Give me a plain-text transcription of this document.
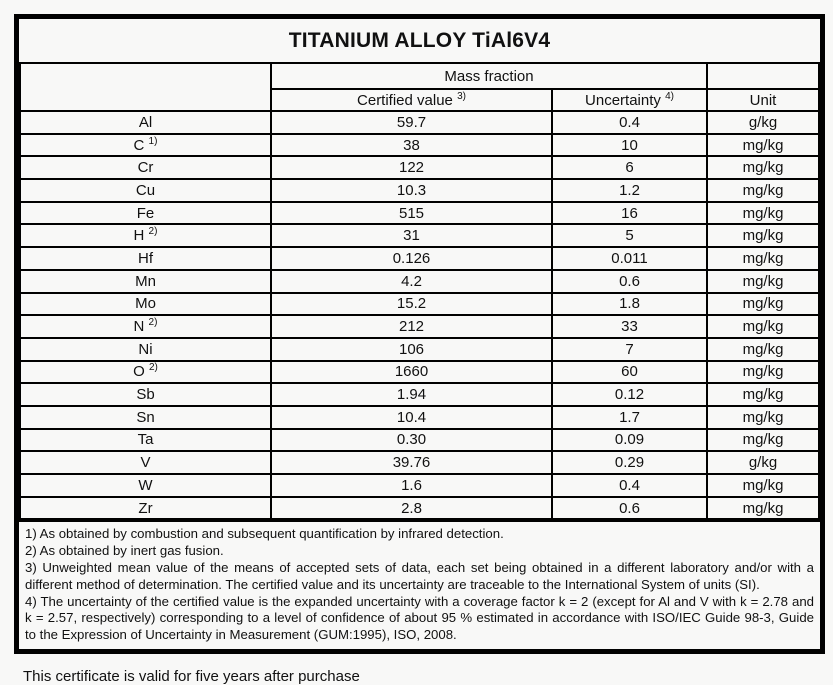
TITANIUM ALLOY TiAl6V4
	Mass fraction		
	Certified value $^{3)}$	Uncertainty $^{4)}$	Unit
Al	59.7	0.4	g/kg
C $^{1)}$	38	10	mg/kg
Cr	122	6	mg/kg
Cu	10.3	1.2	mg/kg
Fe	515	16	mg/kg
H $^{2)}$	31	5	mg/kg
Hf	0.126	0.011	mg/kg
Mn	4.2	0.6	mg/kg
Mo	15.2	1.8	mg/kg
N $^{2)}$	212	33	mg/kg
Ni	106	7	mg/kg
O $^{2)}$	1660	60	mg/kg
Sb	1.94	0.12	mg/kg
Sn	10.4	1.7	mg/kg
Ta	0.30	0.09	mg/kg
V	39.76	0.29	g/kg
W	1.6	0.4	mg/kg
Zr	2.8	0.6	mg/kg

1) As obtained by combustion and subsequent quantification by infrared detection.

2) As obtained by inert gas fusion.

3) Unweighted mean value of the means of accepted sets of data, each set being obtained in a different laboratory and/or with a different method of determination. The certified value and its uncertainty are traceable to the International System of units (SI).

4) The uncertainty of the certified value is the expanded uncertainty with a coverage factor k = 2 (except for Al and V with k = 2.78 and k = 2.57, respectively) corresponding to a level of confidence of about 95 % estimated in accordance with ISO/IEC Guide 98-3, Guide to the Expression of Uncertainty in Measurement (GUM:1995), ISO, 2008.

This certificate is valid for five years after purchase
